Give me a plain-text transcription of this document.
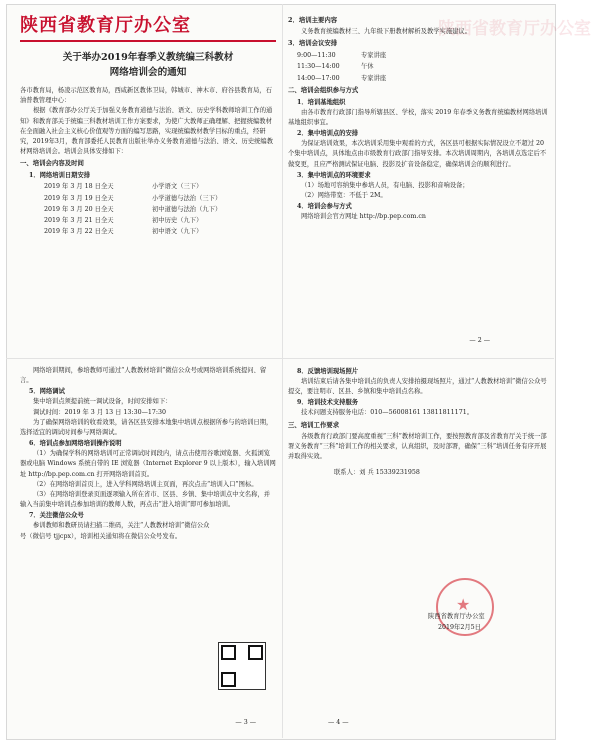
陕西省教育厅办公室
关于举办2019年春季义教统编三科教材
网络培训会的通知

各市教育局，杨凌示范区教育局，西咸新区教体卫局，韩城市、神木市、府谷县教育局，石油普教管理中心：

根据《教育部办公厅关于加强义务教育道德与法治、语文、历史学科教师培训工作的通知》和教育部关于统编三科教材培训工作方案要求，为使广大教师正确理解、把握统编教材在全面融入社会主义核心价值观等方面的编写思路，实现统编教材教学目标的重点，经研究，2019年3月，教育部委托人民教育出版社举办义务教育道德与法治、语文、历史统编教材网络培训会。培训会具体安排如下：

一、培训会内容及时间
1．网络培训日期安排
2019 年 3 月 18 日全天	小学语文（三下）
2019 年 3 月 19 日全天	小学道德与法治（三下）
2019 年 3 月 20 日全天	初中道德与法治（九下）
2019 年 3 月 21 日全天	初中历史（九下）
2019 年 3 月 22 日全天	初中语文（九下）
陕西省教育厅办公室
2．培训主要内容

义务教育统编教材三、九年级下册教材解析及教学实施建议。

3．培训会议安排
9:00—11:30	专家讲座
11:30—14:00	午休
14:00—17:00	专家讲座
二、培训会组织参与方式
1．培训基地组织

由各市教育行政部门指导所辖县区、学校，落实 2019 年春季义务教育统编教材网络培训基地组织事宜。

2．集中培训点的安排

为保证培训效果，本次培训采用集中观看的方式，各区县可根据实际情况设立不超过 20 个集中培训点，具体地点由市级教育行政部门指导安排。本次培训周期内，各培训点选定后不做变更，且应严格测试保证电脑、投影及扩音设备稳定，确保培训会的顺利进行。

3．集中培训点的环境要求

（1）场地可容纳集中参培人员，有电脑、投影和音响设备；

（2）网络带宽：不低于 2M。

4．培训会参与方式

网络培训会官方网址 http://bp.pep.com.cn

— 2 —

网络培训期间，参培教师可通过“人教教材培训”微信公众号或网络培训系统提问、留言。

5．网络调试

集中培训点须提前统一调试设备，时间安排如下：

调试时间：2019 年 3 月 13 日 13:30—17:30

为了确保网络培训的收看效果，请各区县安排本地集中培训点根据所参与的培训日期，选择适宜的调试时间参与网络调试。

6．培训点参加网络培训操作说明

（1）为确保学科的网络培训可正常调试时间段内，请点击使用谷歌浏览器、火狐浏览器或电脑 Windows 系统自带的 IE 浏览器（Internet Explorer 9 以上版本），输入培训网址 http://bp.pep.com.cn 打开网络培训首页。

（2）在网络培训首页上，进入学科网络培训主页面，再次点击“培训入口”图标。

（3）在网络培训登录页面逐项输入所在省市、区县、乡镇、集中培训点中文名称，并输入当前集中培训点参加培训的教师人数，再点击“进入培训”即可参加培训。

7．关注微信公众号

参训教师和教研员请扫描二维码，关注“人教教材培训”微信公众号（微信号 tjjcpx），培训相关通知将在微信公众号发布。

— 3 —
8．反馈培训现场照片

培训结束后请各集中培训点的负责人安排拍摄现场照片，通过“人教教材培训”微信公众号提交，要注明市、区县、乡镇和集中培训点名称。

9．培训技术支持服务

技术问题支持服务电话：010—56008161 13811811171。

三、培训工作要求

各级教育行政部门要高度重视“三科”教材培训工作，要按照教育部及省教育厅关于统一部署义务教育“三科”培训工作的相关要求，认真组织，及时部署，确保“三科”培训任务有序开展并取得实效。

联系人：刘 兵 15339231958

★
陕西省教育厅办公室
2019年2月5日
— 4 —
